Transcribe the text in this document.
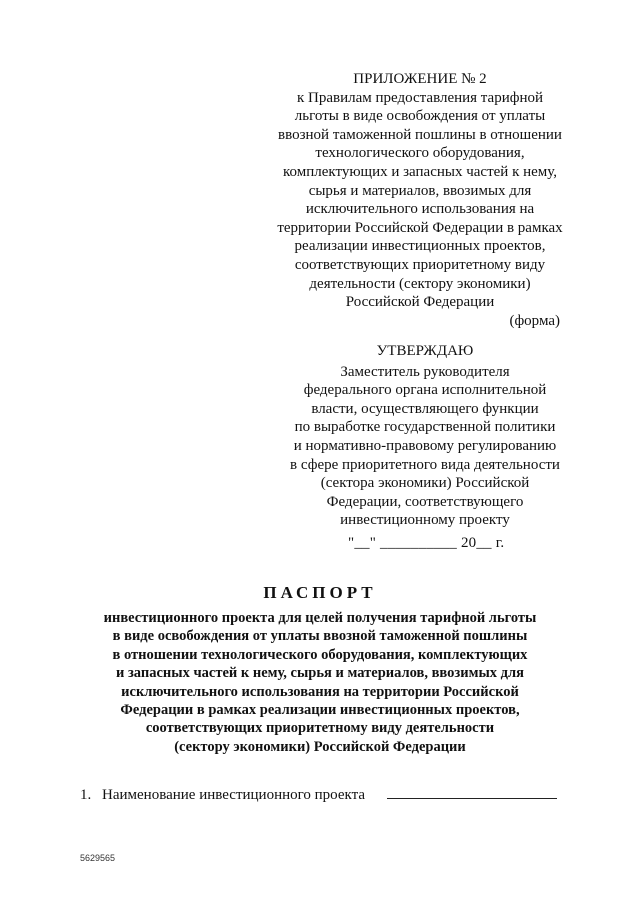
ПРИЛОЖЕНИЕ № 2
к Правилам предоставления тарифной
льготы в виде освобождения от уплаты
ввозной таможенной пошлины в отношении
технологического оборудования,
комплектующих и запасных частей к нему,
сырья и материалов, ввозимых для
исключительного использования на
территории Российской Федерации в рамках
реализации инвестиционных проектов,
соответствующих приоритетному виду
деятельности (сектору экономики)
Российской Федерации
(форма)
УТВЕРЖДАЮ
Заместитель руководителя
федерального органа исполнительной
власти, осуществляющего функции
по выработке государственной политики
и нормативно-правовому регулированию
в сфере приоритетного вида деятельности
(сектора экономики) Российской
Федерации, соответствующего
инвестиционному проекту
"__" __________ 20__ г.
ПАСПОРТ
инвестиционного проекта для целей получения тарифной льготы
в виде освобождения от уплаты ввозной таможенной пошлины
в отношении технологического оборудования, комплектующих
и запасных частей к нему, сырья и материалов, ввозимых для
исключительного использования на территории Российской
Федерации в рамках реализации инвестиционных проектов,
соответствующих приоритетному виду деятельности
(сектору экономики) Российской Федерации
1. Наименование инвестиционного проекта
5629565
